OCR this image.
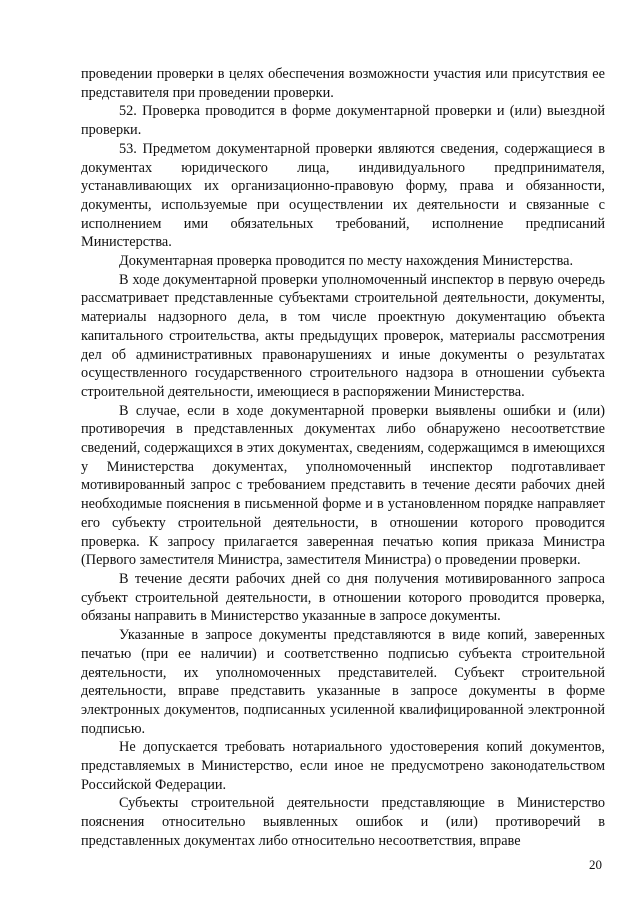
проведении проверки в целях обеспечения возможности участия или присутствия ее представителя при проведении проверки.

52. Проверка проводится в форме документарной проверки и (или) выездной проверки.

53. Предметом документарной проверки являются сведения, содержащиеся в документах юридического лица, индивидуального предпринимателя, устанавливающих их организационно-правовую форму, права и обязанности, документы, используемые при осуществлении их деятельности и связанные с исполнением ими обязательных требований, исполнение предписаний Министерства.

Документарная проверка проводится по месту нахождения Министерства.

В ходе документарной проверки уполномоченный инспектор в первую очередь рассматривает представленные субъектами строительной деятельности, документы, материалы надзорного дела, в том числе проектную документацию объекта капитального строительства, акты предыдущих проверок, материалы рассмотрения дел об административных правонарушениях и иные документы о результатах осуществленного государственного строительного надзора в отношении субъекта строительной деятельности, имеющиеся в распоряжении Министерства.

В случае, если в ходе документарной проверки выявлены ошибки и (или) противоречия в представленных документах либо обнаружено несоответствие сведений, содержащихся в этих документах, сведениям, содержащимся в имеющихся у Министерства документах, уполномоченный инспектор подготавливает мотивированный запрос с требованием представить в течение десяти рабочих дней необходимые пояснения в письменной форме и в установленном порядке направляет его субъекту строительной деятельности, в отношении которого проводится проверка. К запросу прилагается заверенная печатью копия приказа Министра (Первого заместителя Министра, заместителя Министра) о проведении проверки.

В течение десяти рабочих дней со дня получения мотивированного запроса субъект строительной деятельности, в отношении которого проводится проверка, обязаны направить в Министерство указанные в запросе документы.

Указанные в запросе документы представляются в виде копий, заверенных печатью (при ее наличии) и соответственно подписью субъекта строительной деятельности, их уполномоченных представителей. Субъект строительной деятельности, вправе представить указанные в запросе документы в форме электронных документов, подписанных усиленной квалифицированной электронной подписью.

Не допускается требовать нотариального удостоверения копий документов, представляемых в Министерство, если иное не предусмотрено законодательством Российской Федерации.

Субъекты строительной деятельности представляющие в Министерство пояснения относительно выявленных ошибок и (или) противоречий в представленных документах либо относительно несоответствия, вправе

20
